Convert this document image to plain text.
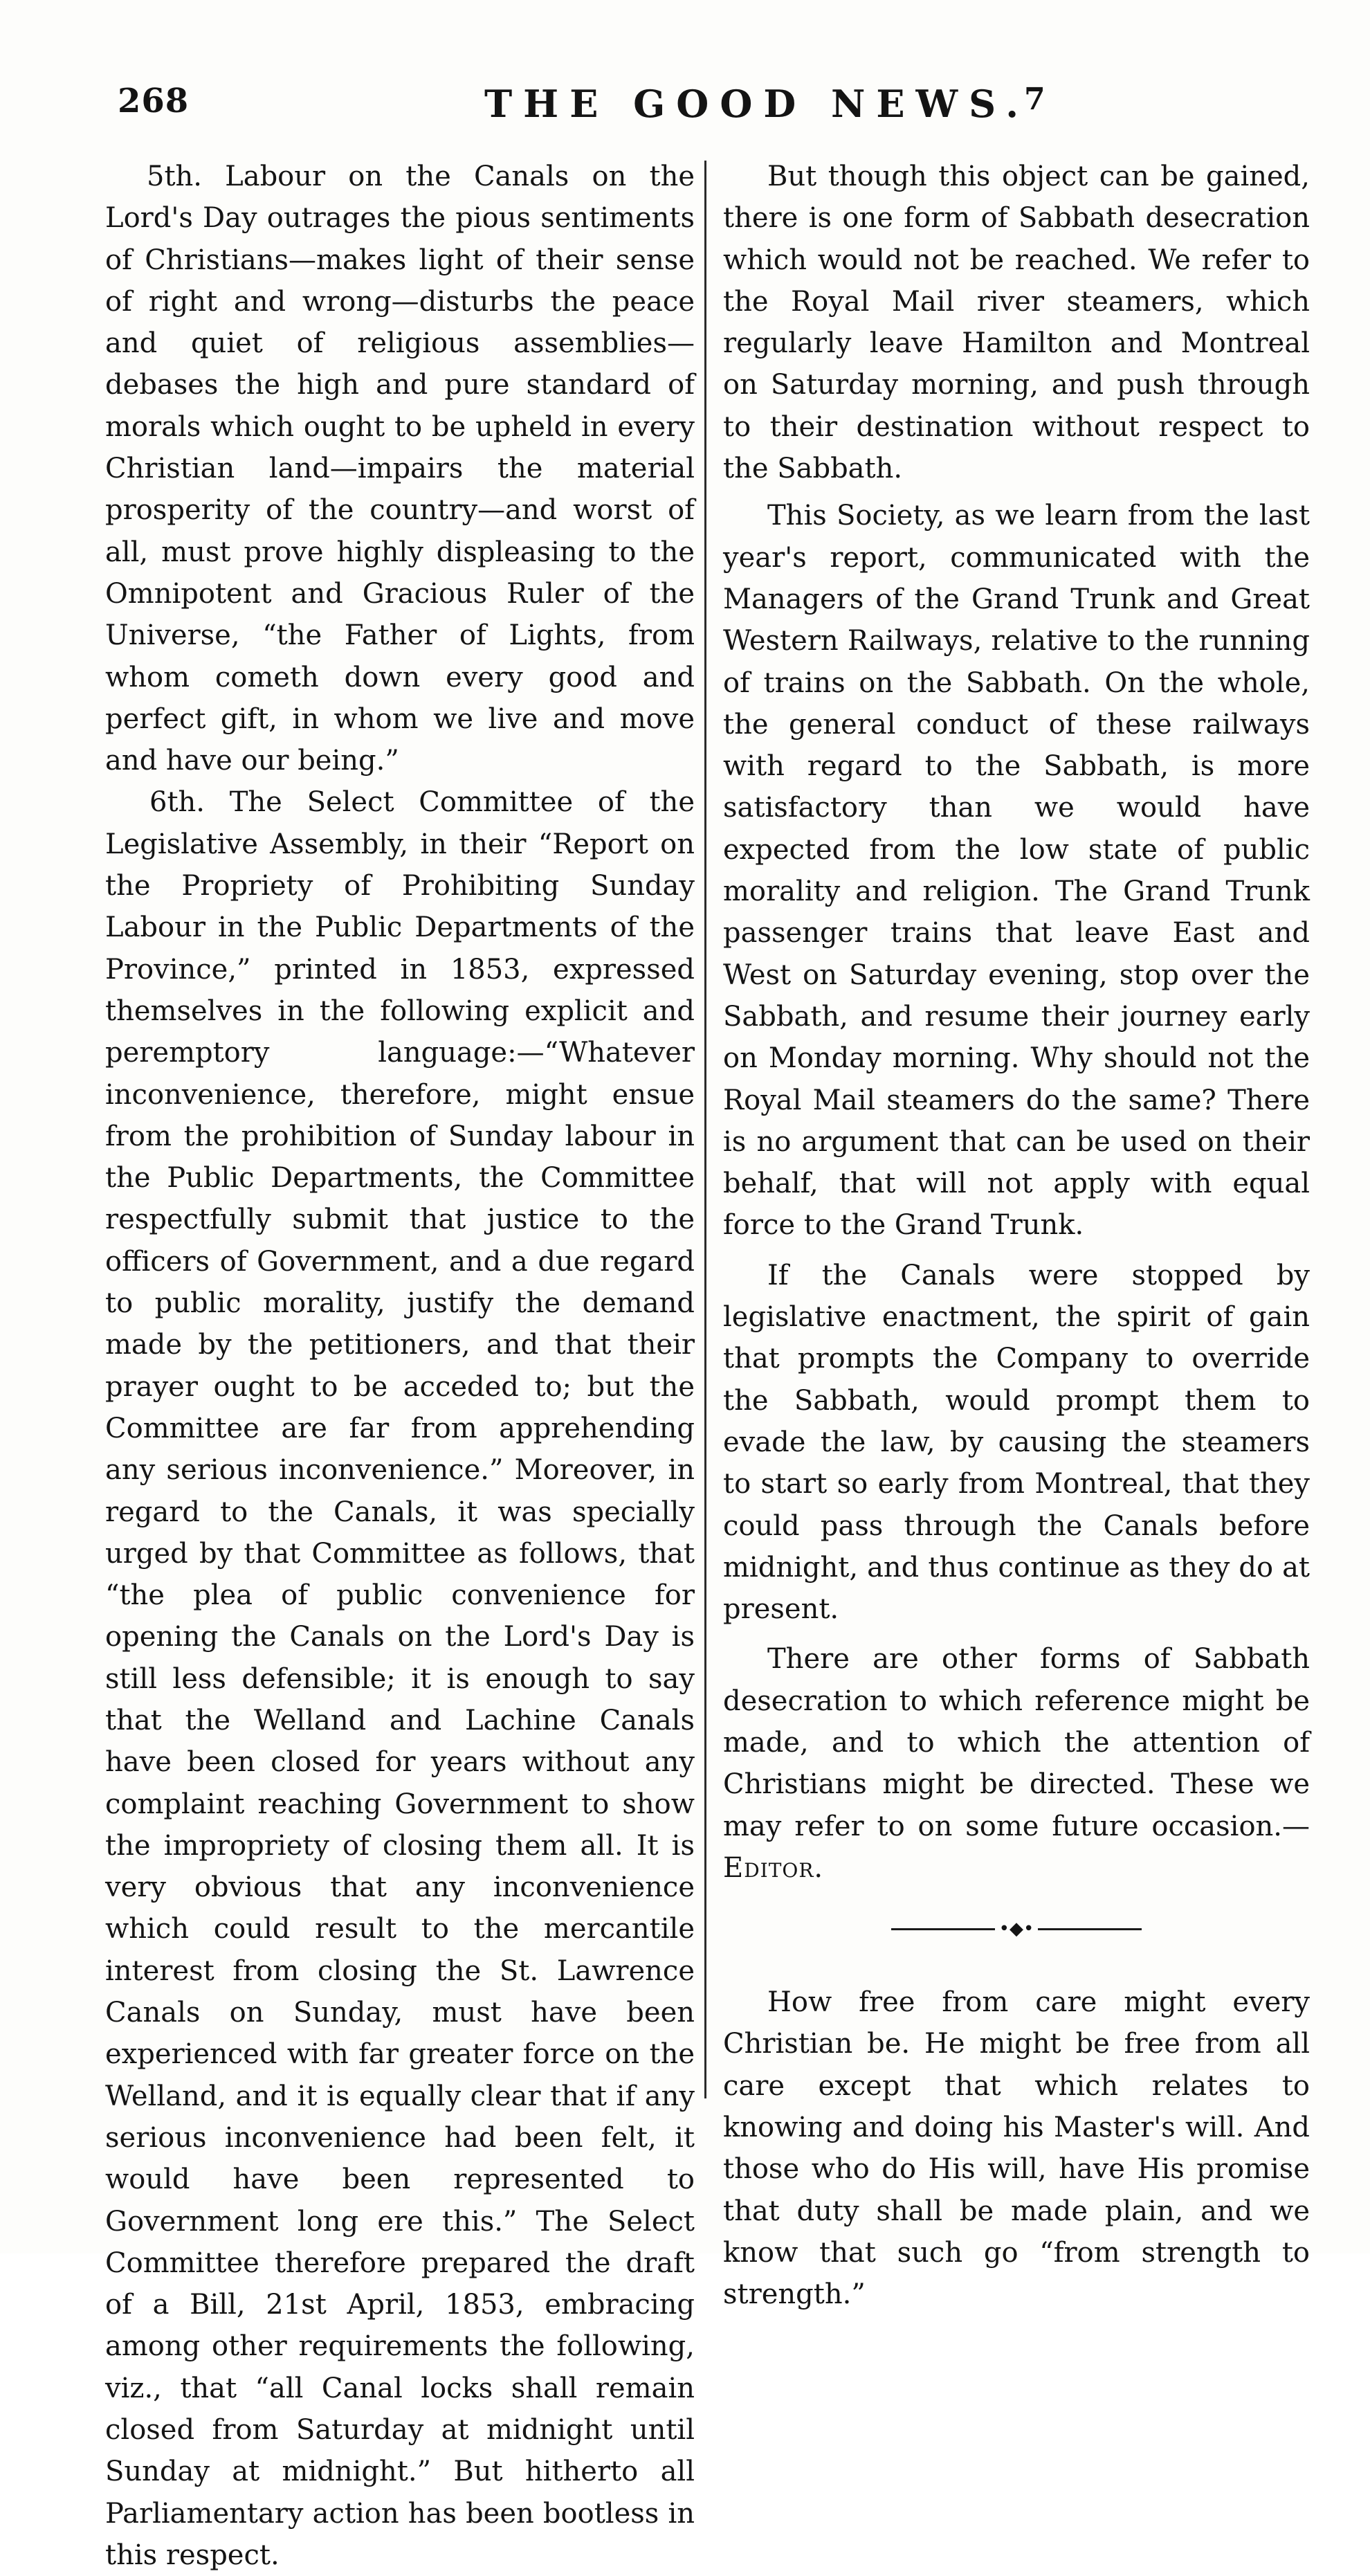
268	THE GOOD NEWS.
7

5th. Labour on the Canals on the Lord's Day outrages the pious sentiments of Christians—makes light of their sense of right and wrong—disturbs the peace and quiet of religious assemblies—debases the high and pure standard of morals which ought to be upheld in every Christian land—impairs the material prosperity of the country—and worst of all, must prove highly displeasing to the Omnipotent and Gracious Ruler of the Universe, “the Father of Lights, from whom cometh down every good and perfect gift, in whom we live and move and have our being.”

6th. The Select Committee of the Legislative Assembly, in their “Report on the Propriety of Prohibiting Sunday Labour in the Public Departments of the Province,” printed in 1853, expressed themselves in the following explicit and peremptory language:—“Whatever inconvenience, therefore, might ensue from the prohibition of Sunday labour in the Public Departments, the Committee respectfully submit that justice to the officers of Government, and a due regard to public morality, justify the demand made by the petitioners, and that their prayer ought to be acceded to; but the Committee are far from apprehending any serious inconvenience.” Moreover, in regard to the Canals, it was specially urged by that Committee as follows, that “the plea of public convenience for opening the Canals on the Lord's Day is still less defensible; it is enough to say that the Welland and Lachine Canals have been closed for years without any complaint reaching Government to show the impropriety of closing them all. It is very obvious that any inconvenience which could result to the mercantile interest from closing the St. Lawrence Canals on Sunday, must have been experienced with far greater force on the Welland, and it is equally clear that if any serious inconvenience had been felt, it would have been represented to Government long ere this.” The Select Committee therefore prepared the draft of a Bill, 21st April, 1853, embracing among other requirements the following, viz., that “all Canal locks shall remain closed from Saturday at midnight until Sunday at midnight.” But hitherto all Parliamentary action has been bootless in this respect.

But though this object can be gained, there is one form of Sabbath desecration which would not be reached. We refer to the Royal Mail river steamers, which regularly leave Hamilton and Montreal on Saturday morning, and push through to their destination without respect to the Sabbath.

This Society, as we learn from the last year's report, communicated with the Managers of the Grand Trunk and Great Western Railways, relative to the running of trains on the Sabbath. On the whole, the general conduct of these railways with regard to the Sabbath, is more satisfactory than we would have expected from the low state of public morality and religion. The Grand Trunk passenger trains that leave East and West on Saturday evening, stop over the Sabbath, and resume their journey early on Monday morning. Why should not the Royal Mail steamers do the same? There is no argument that can be used on their behalf, that will not apply with equal force to the Grand Trunk.

If the Canals were stopped by legislative enactment, the spirit of gain that prompts the Company to override the Sabbath, would prompt them to evade the law, by causing the steamers to start so early from Montreal, that they could pass through the Canals before midnight, and thus continue as they do at present.

There are other forms of Sabbath desecration to which reference might be made, and to which the attention of Christians might be directed. These we may refer to on some future occasion.—Editor.

•◆•

How free from care might every Christian be. He might be free from all care except that which relates to knowing and doing his Master's will. And those who do His will, have His promise that duty shall be made plain, and we know that such go “from strength to strength.”
